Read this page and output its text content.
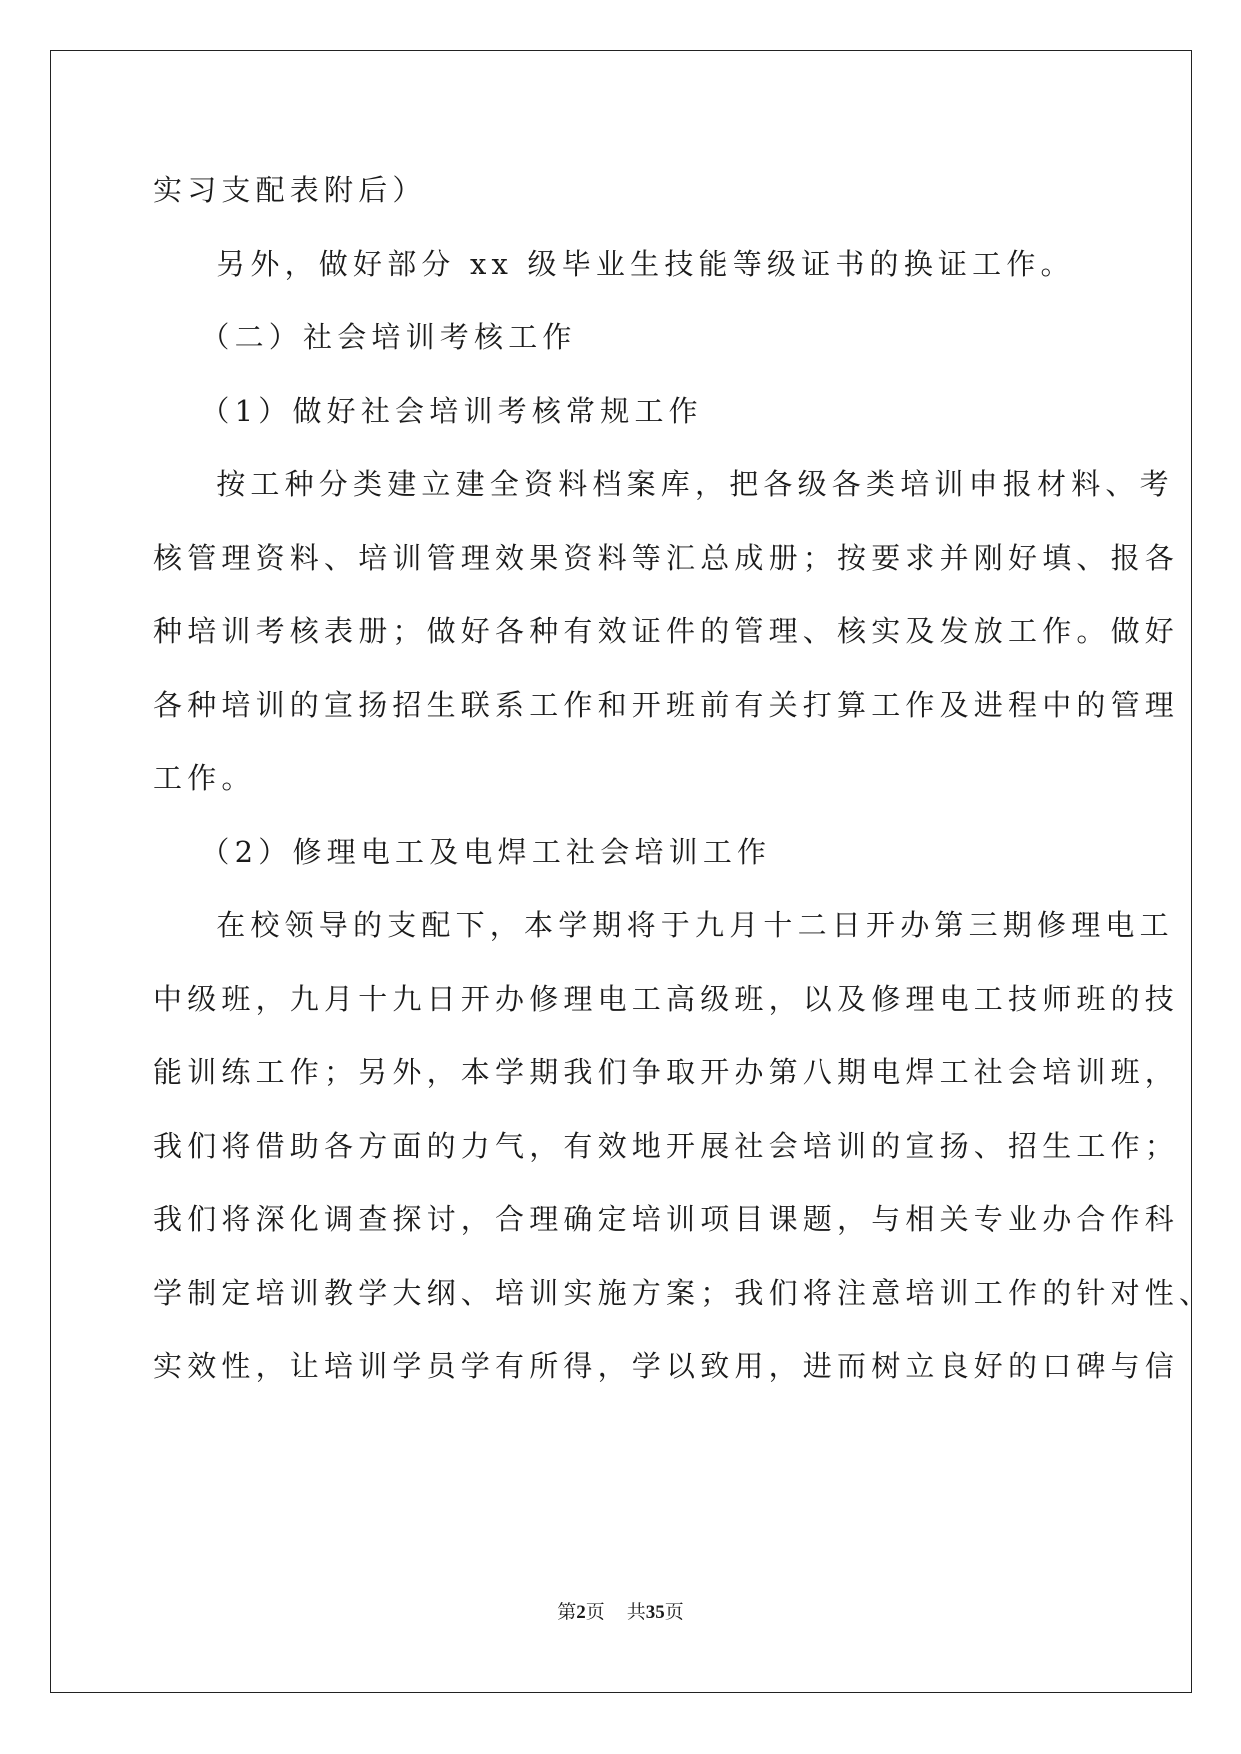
实习支配表附后）
另外，做好部分 xx 级毕业生技能等级证书的换证工作。
（二）社会培训考核工作
（1）做好社会培训考核常规工作
按工种分类建立建全资料档案库，把各级各类培训申报材料、考
核管理资料、培训管理效果资料等汇总成册；按要求并刚好填、报各
种培训考核表册；做好各种有效证件的管理、核实及发放工作。做好
各种培训的宣扬招生联系工作和开班前有关打算工作及进程中的管理
工作。
（2）修理电工及电焊工社会培训工作
在校领导的支配下，本学期将于九月十二日开办第三期修理电工
中级班，九月十九日开办修理电工高级班，以及修理电工技师班的技
能训练工作；另外，本学期我们争取开办第八期电焊工社会培训班，
我们将借助各方面的力气，有效地开展社会培训的宣扬、招生工作；
我们将深化调查探讨，合理确定培训项目课题，与相关专业办合作科
学制定培训教学大纲、培训实施方案；我们将注意培训工作的针对性、
实效性，让培训学员学有所得，学以致用，进而树立良好的口碑与信
第2页 共35页
